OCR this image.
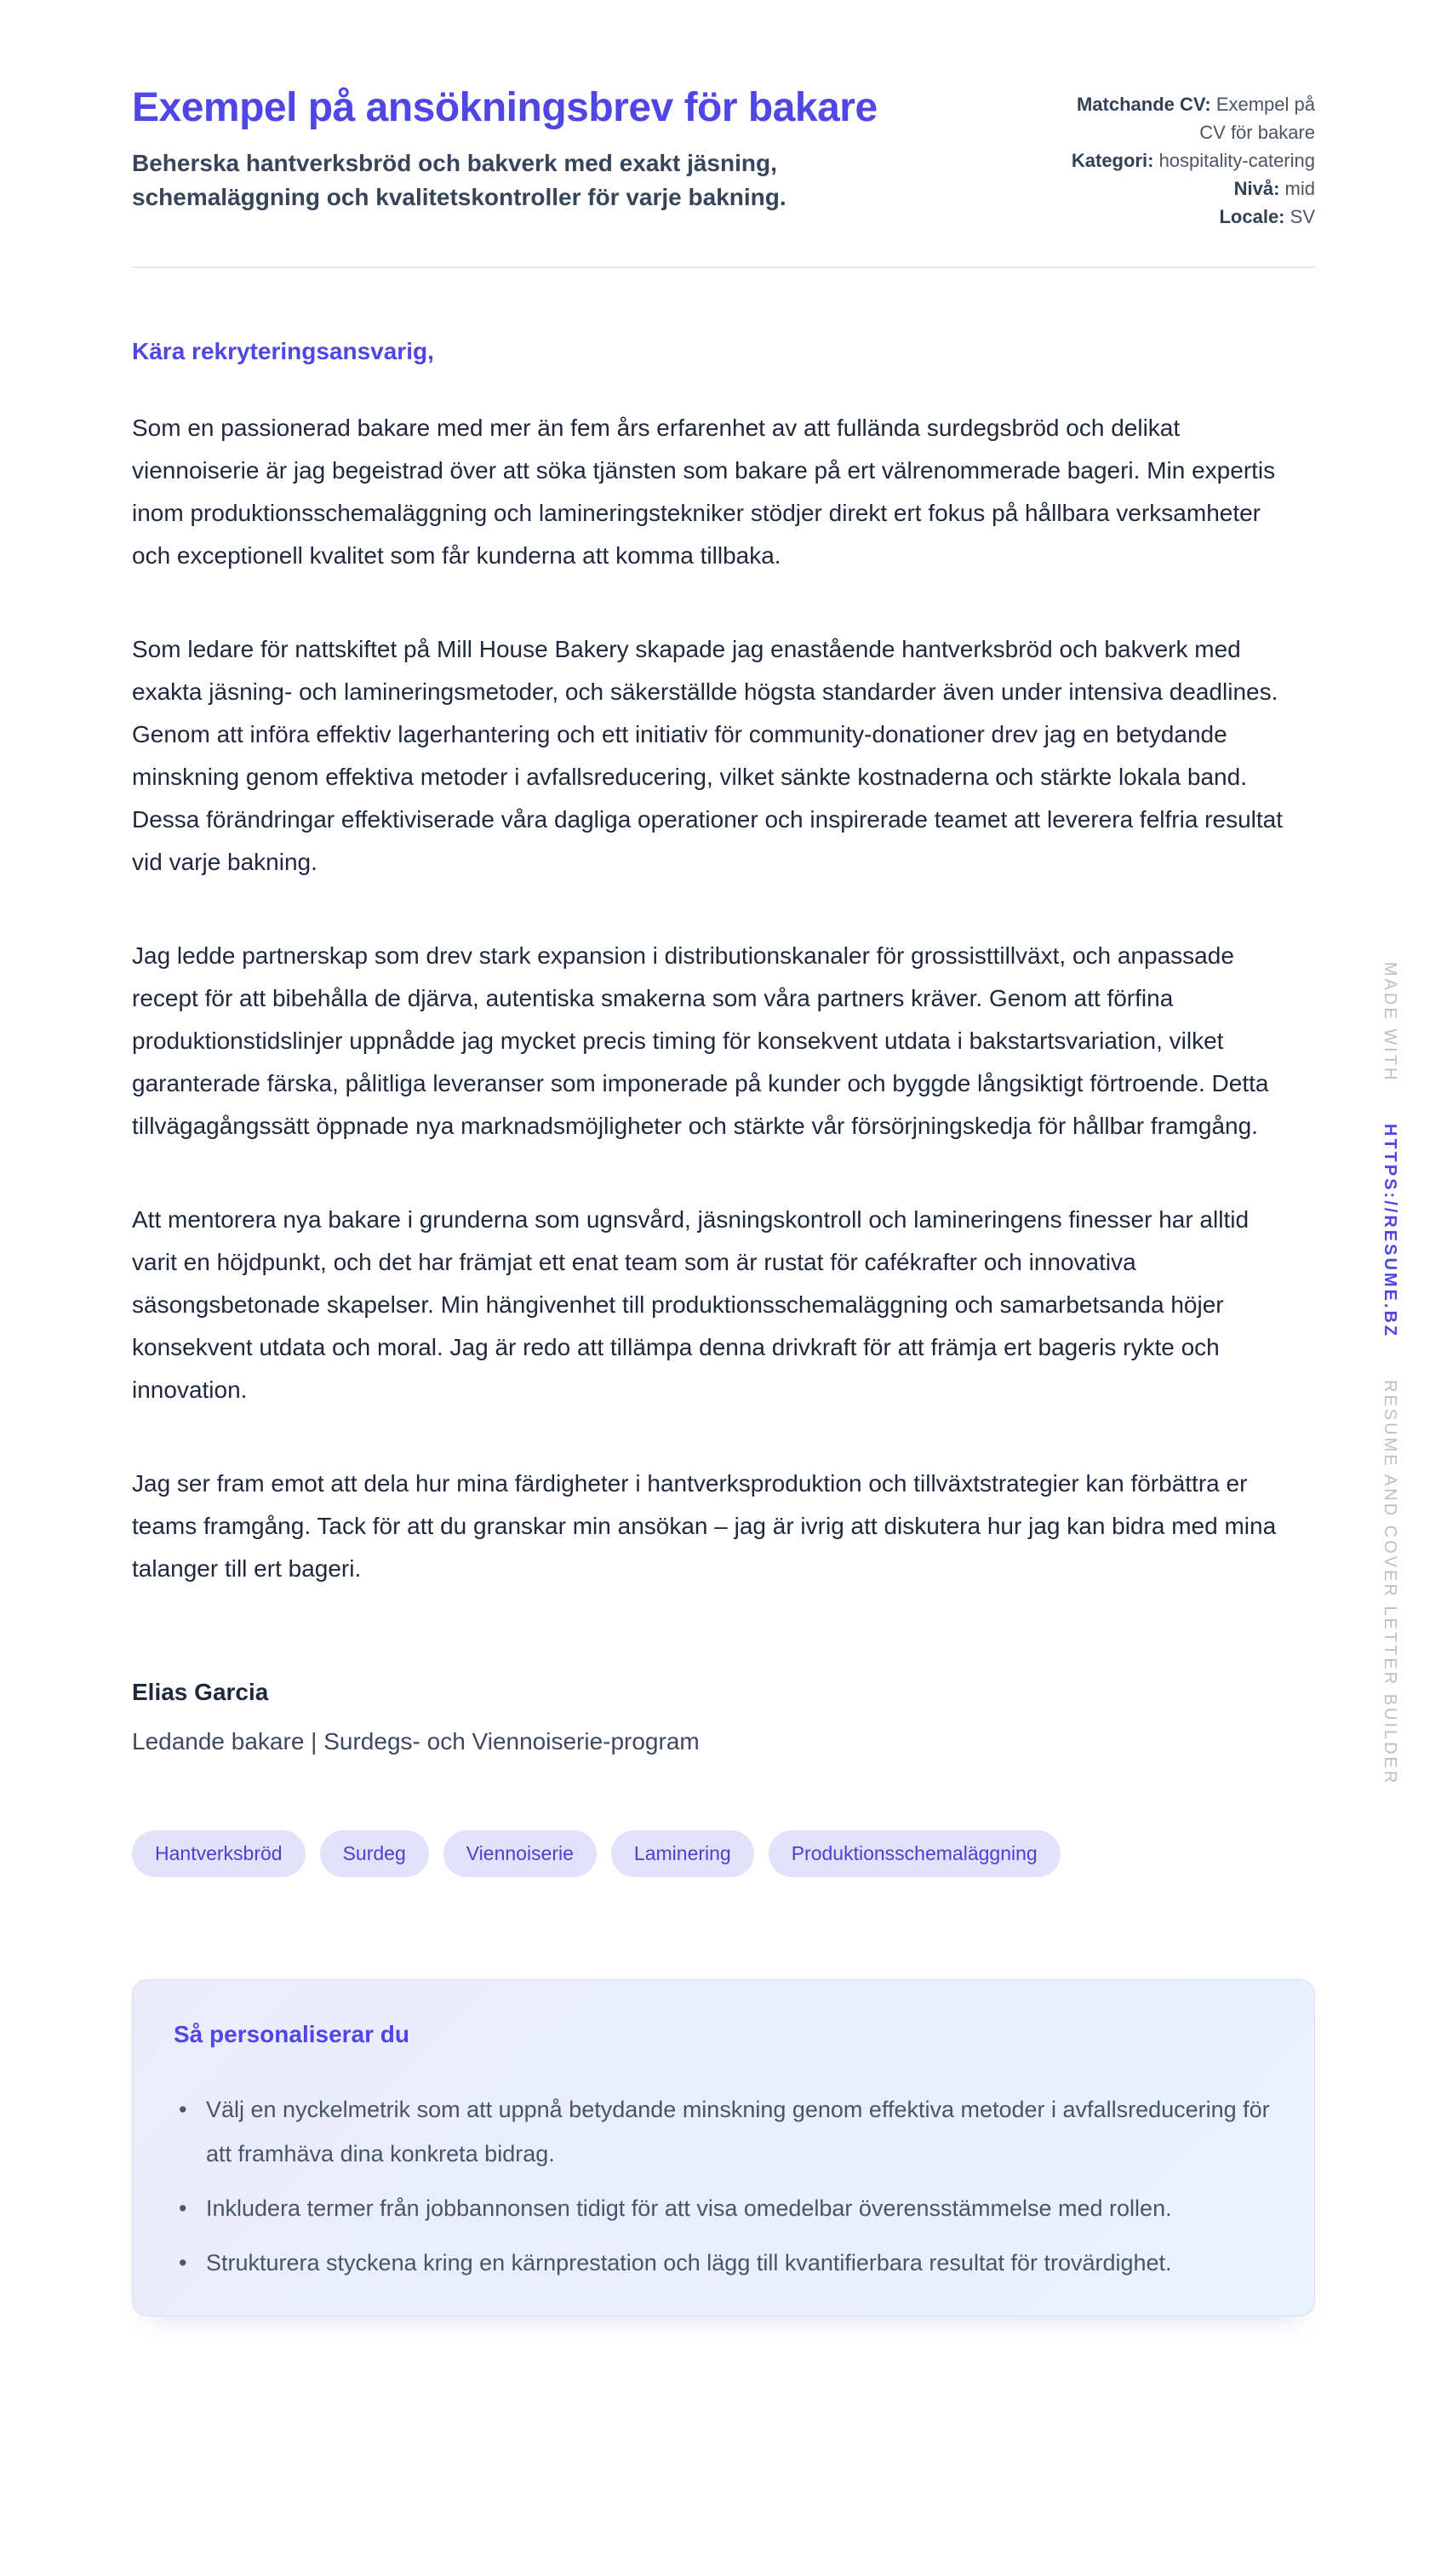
Exempel på ansökningsbrev för bakare

Beherska hantverksbröd och bakverk med exakt jäsning, schemaläggning och kvalitetskontroller för varje bakning.

Matchande CV: Exempel på CV för bakare
Kategori: hospitality-catering
Nivå: mid
Locale: SV

Kära rekryteringsansvarig,

Som en passionerad bakare med mer än fem års erfarenhet av att fullända surdegsbröd och delikat viennoiserie är jag begeistrad över att söka tjänsten som bakare på ert välrenommerade bageri. Min expertis inom produktionsschemaläggning och lamineringstekniker stödjer direkt ert fokus på hållbara verksamheter och exceptionell kvalitet som får kunderna att komma tillbaka.

Som ledare för nattskiftet på Mill House Bakery skapade jag enastående hantverksbröd och bakverk med exakta jäsning- och lamineringsmetoder, och säkerställde högsta standarder även under intensiva deadlines. Genom att införa effektiv lagerhantering och ett initiativ för community-donationer drev jag en betydande minskning genom effektiva metoder i avfallsreducering, vilket sänkte kostnaderna och stärkte lokala band. Dessa förändringar effektiviserade våra dagliga operationer och inspirerade teamet att leverera felfria resultat vid varje bakning.

Jag ledde partnerskap som drev stark expansion i distributionskanaler för grossisttillväxt, och anpassade recept för att bibehålla de djärva, autentiska smakerna som våra partners kräver. Genom att förfina produktionstidslinjer uppnådde jag mycket precis timing för konsekvent utdata i bakstartsvariation, vilket garanterade färska, pålitliga leveranser som imponerade på kunder och byggde långsiktigt förtroende. Detta tillvägagångssätt öppnade nya marknadsmöjligheter och stärkte vår försörjningskedja för hållbar framgång.

Att mentorera nya bakare i grunderna som ugnsvård, jäsningskontroll och lamineringens finesser har alltid varit en höjdpunkt, och det har främjat ett enat team som är rustat för cafékrafter och innovativa säsongsbetonade skapelser. Min hängivenhet till produktionsschemaläggning och samarbetsanda höjer konsekvent utdata och moral. Jag är redo att tillämpa denna drivkraft för att främja ert bageris rykte och innovation.

Jag ser fram emot att dela hur mina färdigheter i hantverksproduktion och tillväxtstrategier kan förbättra er teams framgång. Tack för att du granskar min ansökan – jag är ivrig att diskutera hur jag kan bidra med mina talanger till ert bageri.

Elias Garcia

Ledande bakare | Surdegs- och Viennoiserie-program

Hantverksbröd	Surdeg	Viennoiserie	Laminering	Produktionsschemaläggning
Så personaliserar du
• Välj en nyckelmetrik som att uppnå betydande minskning genom effektiva metoder i avfallsreducering för att framhäva dina konkreta bidrag.
• Inkludera termer från jobbannonsen tidigt för att visa omedelbar överensstämmelse med rollen.
• Strukturera styckena kring en kärnprestation och lägg till kvantifierbara resultat för trovärdighet.
MADE WITH HTTPS://RESUME.BZ RESUME AND COVER LETTER BUILDER
